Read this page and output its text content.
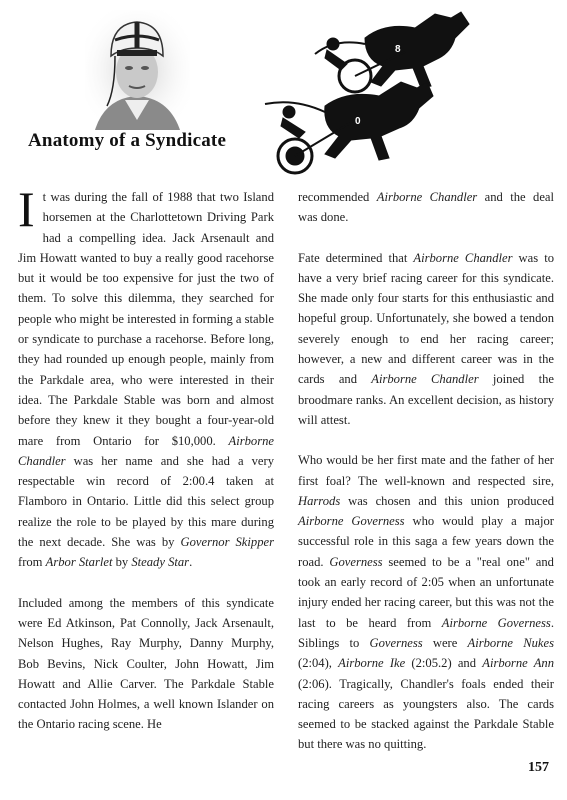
8
0
Anatomy of a Syndicate

It was during the fall of 1988 that two Island horsemen at the Charlottetown Driving Park had a compelling idea. Jack Arsenault and Jim Howatt wanted to buy a really good racehorse but it would be too expensive for just the two of them. To solve this dilemma, they searched for people who might be interested in forming a stable or syndicate to purchase a racehorse. Before long, they had rounded up enough people, mainly from the Parkdale area, who were interested in their idea. The Parkdale Stable was born and almost before they knew it they bought a four-year-old mare from Ontario for $10,000. Airborne Chandler was her name and she had a very respectable win record of 2:00.4 taken at Flamboro in Ontario. Little did this select group realize the role to be played by this mare during the next decade. She was by Governor Skipper from Arbor Starlet by Steady Star.

Included among the members of this syndicate were Ed Atkinson, Pat Connolly, Jack Arsenault, Nelson Hughes, Ray Murphy, Danny Murphy, Bob Bevins, Nick Coulter, John Howatt, Jim Howatt and Allie Carver. The Parkdale Stable contacted John Holmes, a well known Islander on the Ontario racing scene. He

recommended Airborne Chandler and the deal was done.

Fate determined that Airborne Chandler was to have a very brief racing career for this syndicate. She made only four starts for this enthusiastic and hopeful group. Unfortunately, she bowed a tendon severely enough to end her racing career; however, a new and different career was in the cards and Airborne Chandler joined the broodmare ranks. An excellent decision, as history will attest.

Who would be her first mate and the father of her first foal? The well-known and respected sire, Harrods was chosen and this union produced Airborne Governess who would play a major successful role in this saga a few years down the road. Governess seemed to be a "real one" and took an early record of 2:05 when an unfortunate injury ended her racing career, but this was not the last to be heard from Airborne Governess. Siblings to Governess were Airborne Nukes (2:04), Airborne Ike (2:05.2) and Airborne Ann (2:06). Tragically, Chandler's foals ended their racing careers as youngsters also. The cards seemed to be stacked against the Parkdale Stable but there was no quitting.

157
